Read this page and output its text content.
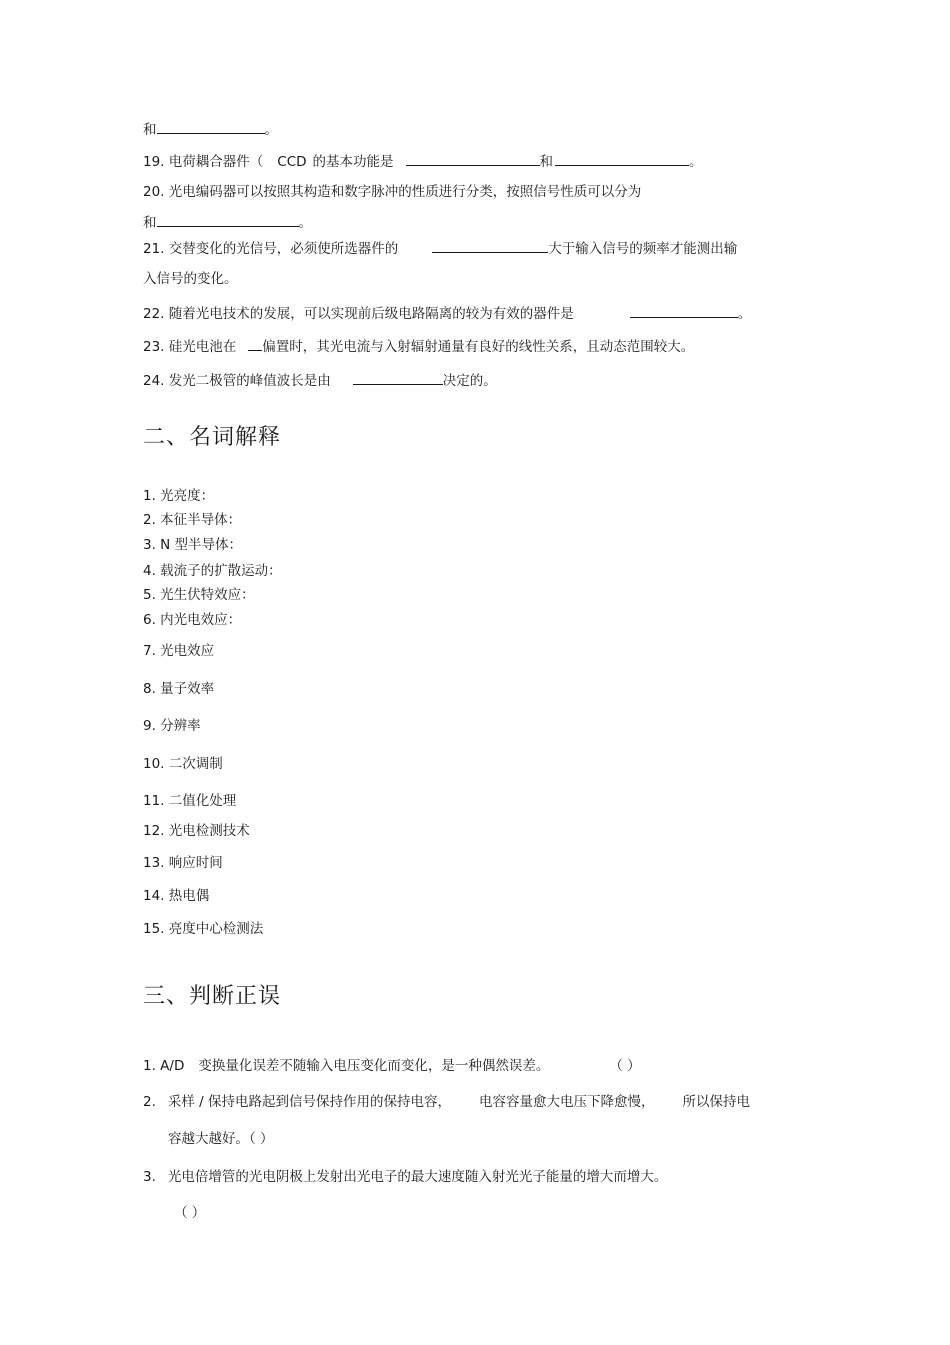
和	。
19. 电荷耦合器件（ CCD 的基本功能是	和	。
20. 光电编码器可以按照其构造和数字脉冲的性质进行分类，按照信号性质可以分为
和	。
21. 交替变化的光信号，必须使所选器件的	大于输入信号的频率才能测出输
入信号的变化。
22. 随着光电技术的发展，可以实现前后级电路隔离的较为有效的器件是	。
23. 硅光电池在 偏置时，其光电流与入射辐射通量有良好的线性关系，且动态范围较大。
24. 发光二极管的峰值波长是由	决定的。
二、名词解释
1. 光亮度：
2. 本征半导体：
3. N 型半导体：
4. 载流子的扩散运动：
5. 光生伏特效应：
6. 内光电效应：
7. 光电效应
8. 量子效率
9. 分辨率
10. 二次调制
11. 二值化处理
12. 光电检测技术
13. 响应时间
14. 热电偶
15. 亮度中心检测法
三、判断正误
1. A/D 变换量化误差不随输入电压变化而变化，是一种偶然误差。	（ ）
2. 采样 / 保持电路起到信号保持作用的保持电容， 电容容量愈大电压下降愈慢， 所以保持电
容越大越好。（ ）
3. 光电倍增管的光电阴极上发射出光电子的最大速度随入射光光子能量的增大而增大。
（ ）
